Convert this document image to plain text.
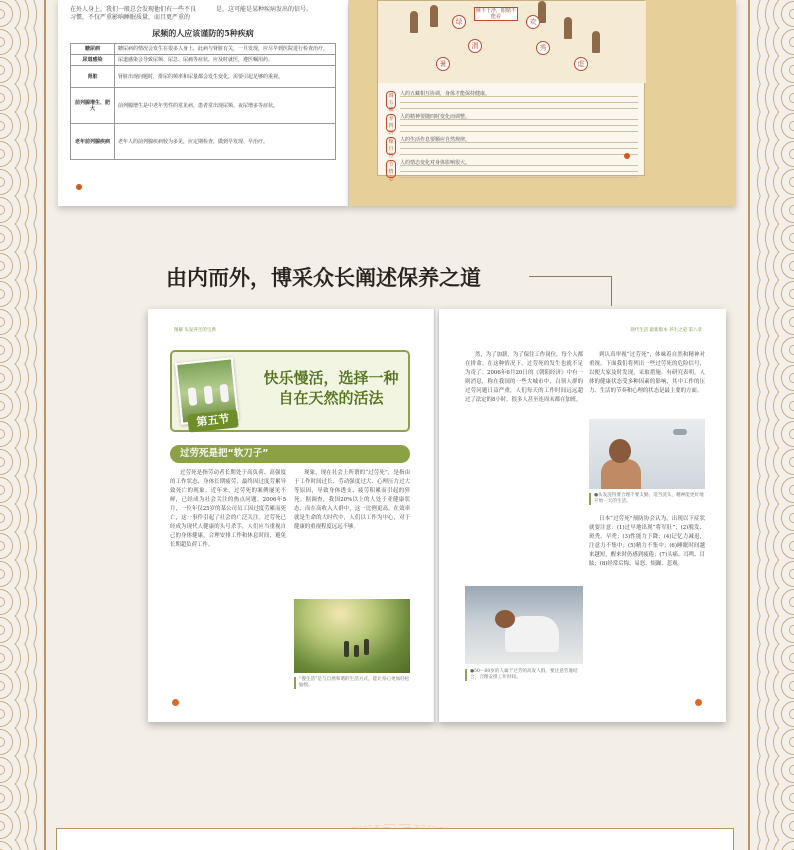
在外人身上，我们一般总会发现他们有一些不良习惯，不仅严重影响睡眠质量，而且更严重的
是，这可能是某种疾病发出的信号。
尿频的人应该谨防的5种疾病
糖尿病	糖尿病的情况会发生在很多人身上，此病与肾脏有关，一旦发现，应尽早到医院进行检查治疗。
尿道感染	尿道感染会导致尿频、尿急、尿痛等症状，应及时就医，遵医嘱用药。
肾脏	肾脏出现问题时，排尿的频率和尿量都会发生变化，需要引起足够的重视。
前列腺增生、肥大	前列腺增生是中老年男性的常见病，患者常出现尿频、夜尿增多等症状。
老年前列腺疾病	老年人的前列腺疾病较为多见，应定期检查，做到早发现、早治疗。
睡不干净，眼睛不能看
绿
渭
暑
欢
秀
虚
调五藏
人的五藏相互协调，身体才能保持健康。
养四时
人的精神要随四时变化而调整。
顺自然
人的生活作息要顺应自然规律。
节情志
人的情志变化对身体影响很大。
由内而外，博采众长阐述保养之道
图解 头发养生的宝典
第五节
快乐慢活，选择一种
自在天然的活法
过劳死是把“软刀子”

过劳死是指劳动者长期处于高负荷、高强度的工作状态，身体长期疲劳，最终因过度劳累导致死亡的现象。近年来，过劳死的案例屡见不鲜，已经成为社会关注的热点问题。2006年5月，一位年仅25岁的某公司员工因过度劳累而死亡，这一事件引起了社会的广泛关注。过劳死已经成为现代人健康的头号杀手，人们应当重视自己的身体健康，合理安排工作和休息时间，避免长期超负荷工作。

现象。现在社会上所谓的“过劳死”，是指由于工作时间过长、劳动强度过大、心理压力过大等原因，导致身体透支、疲劳积累而引起的猝死。据调查，我国20%以上的人处于亚健康状态，而在高收入人群中，这一比例更高。在效率就是生命的大时代中，人们以工作为中心，对于健康的重视程度远远不够。

“慢生活”是与自然和谐的生活方式，能让身心更加轻松愉悦。
现代生活 最新版本 养生之道 第八章

然，为了加薪，为了保住工作岗位，每个人都在拼命。在这种情况下，过劳死的发生也就不足为奇了。2006年6月20日的《朝阳经济》中有一则消息，称在我国的一些大城市中，白领人群的过劳问题日益严重，人们每天的工作时间远远超过了法定的8小时，很多人甚至连周末都在加班。

●50～60岁的人属于过劳的高发人群，要注意劳逸结合，合理安排工作时间。

到认真审视“过劳死”，体味着自然和精神对重视。下面我们将列出一些过劳死的危险信号，以便大家及时发现，采取措施。有研究表明，人体的健康状态受多种因素的影响，其中工作的压力、生活的节奏和心理的状态是最主要的方面。

●头发洗得要合理不要太勤，适当洗头，精神能更好地开始一天的生活。

日本“过劳死”预防协会认为，出现以下症状就要注意：(1)过早地出现“将军肚”；(2)脱发、斑秃、早秃；(3)性能力下降；(4)记忆力减退，注意力不集中；(5)精力不集中；(6)睡眠时间越来越短，醒来时仍感到疲倦；(7)头痛、耳鸣、目眩；(8)经常后悔、易怒、烦躁、悲观。
